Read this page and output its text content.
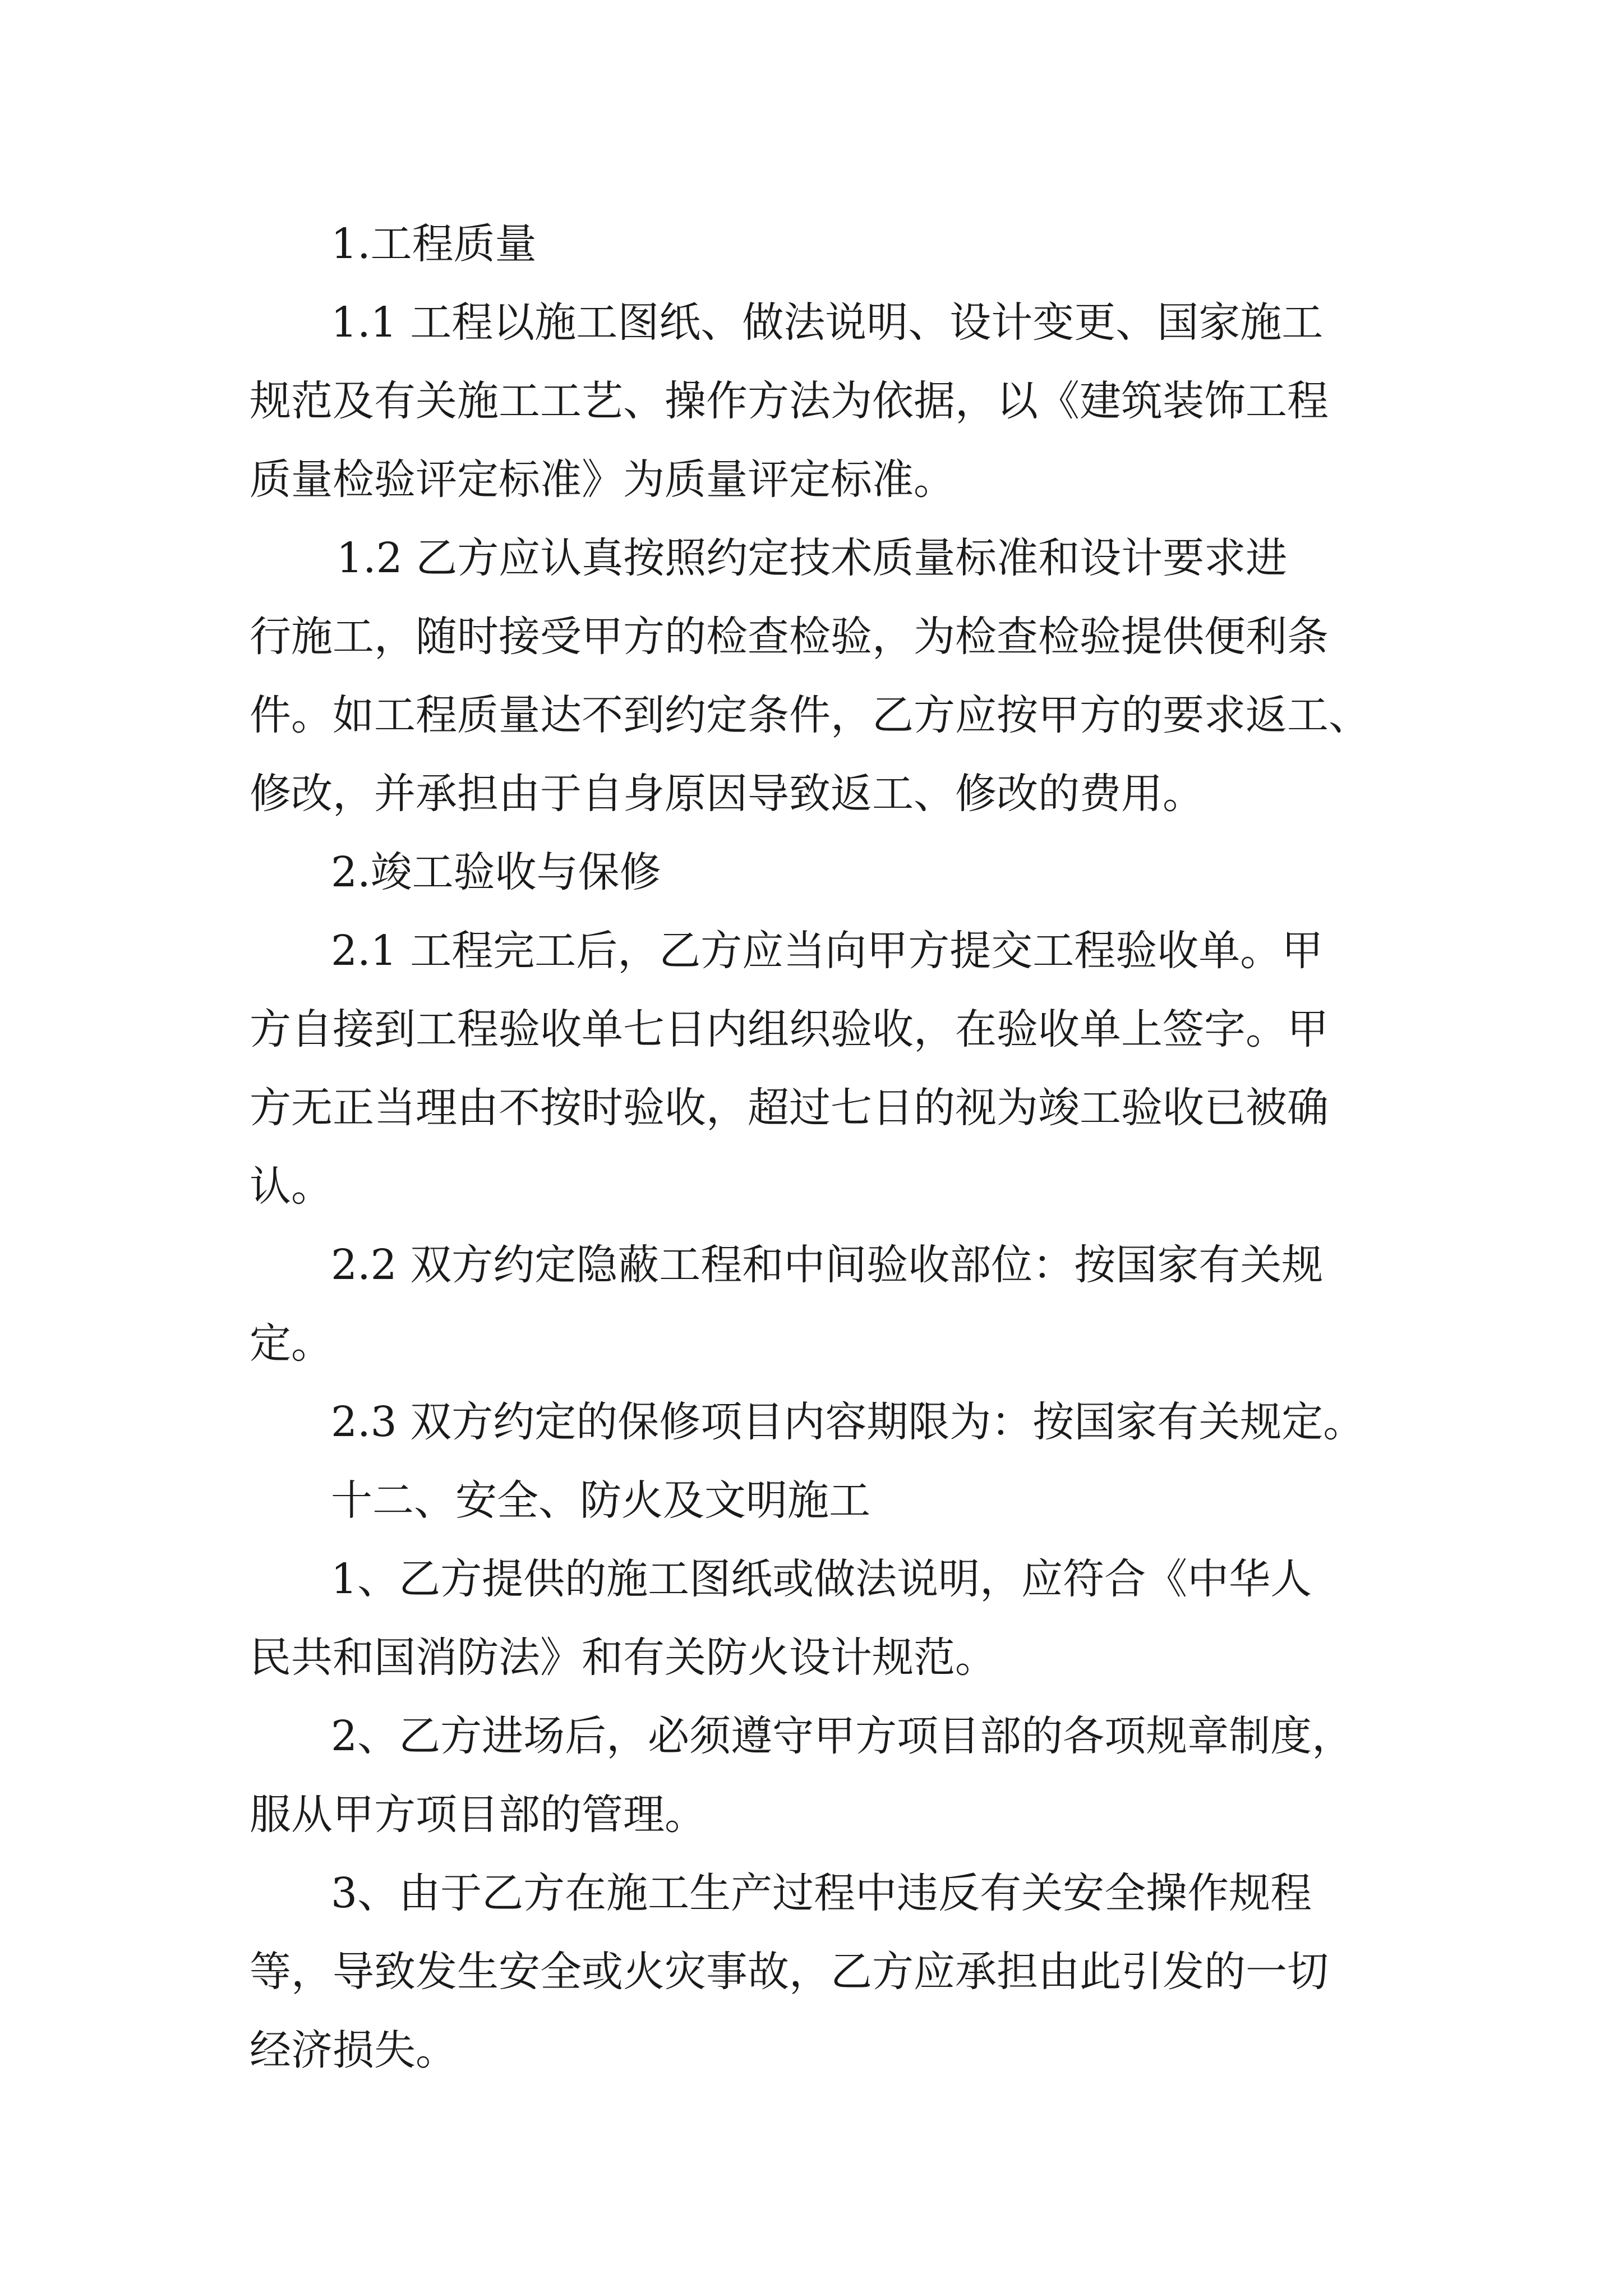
1.工程质量
1.1 工程以施工图纸、做法说明、设计变更、国家施工
规范及有关施工工艺、操作方法为依据，以《建筑装饰工程
质量检验评定标准》为质量评定标准。
1.2 乙方应认真按照约定技术质量标准和设计要求进
行施工，随时接受甲方的检查检验，为检查检验提供便利条
件。如工程质量达不到约定条件，乙方应按甲方的要求返工、
修改，并承担由于自身原因导致返工、修改的费用。
2.竣工验收与保修
2.1 工程完工后，乙方应当向甲方提交工程验收单。甲
方自接到工程验收单七日内组织验收，在验收单上签字。甲
方无正当理由不按时验收，超过七日的视为竣工验收已被确
认。
2.2 双方约定隐蔽工程和中间验收部位：按国家有关规
定。
2.3 双方约定的保修项目内容期限为：按国家有关规定。
十二、安全、防火及文明施工
1、乙方提供的施工图纸或做法说明，应符合《中华人
民共和国消防法》和有关防火设计规范。
2、乙方进场后，必须遵守甲方项目部的各项规章制度，
服从甲方项目部的管理。
3、由于乙方在施工生产过程中违反有关安全操作规程
等，导致发生安全或火灾事故，乙方应承担由此引发的一切
经济损失。
